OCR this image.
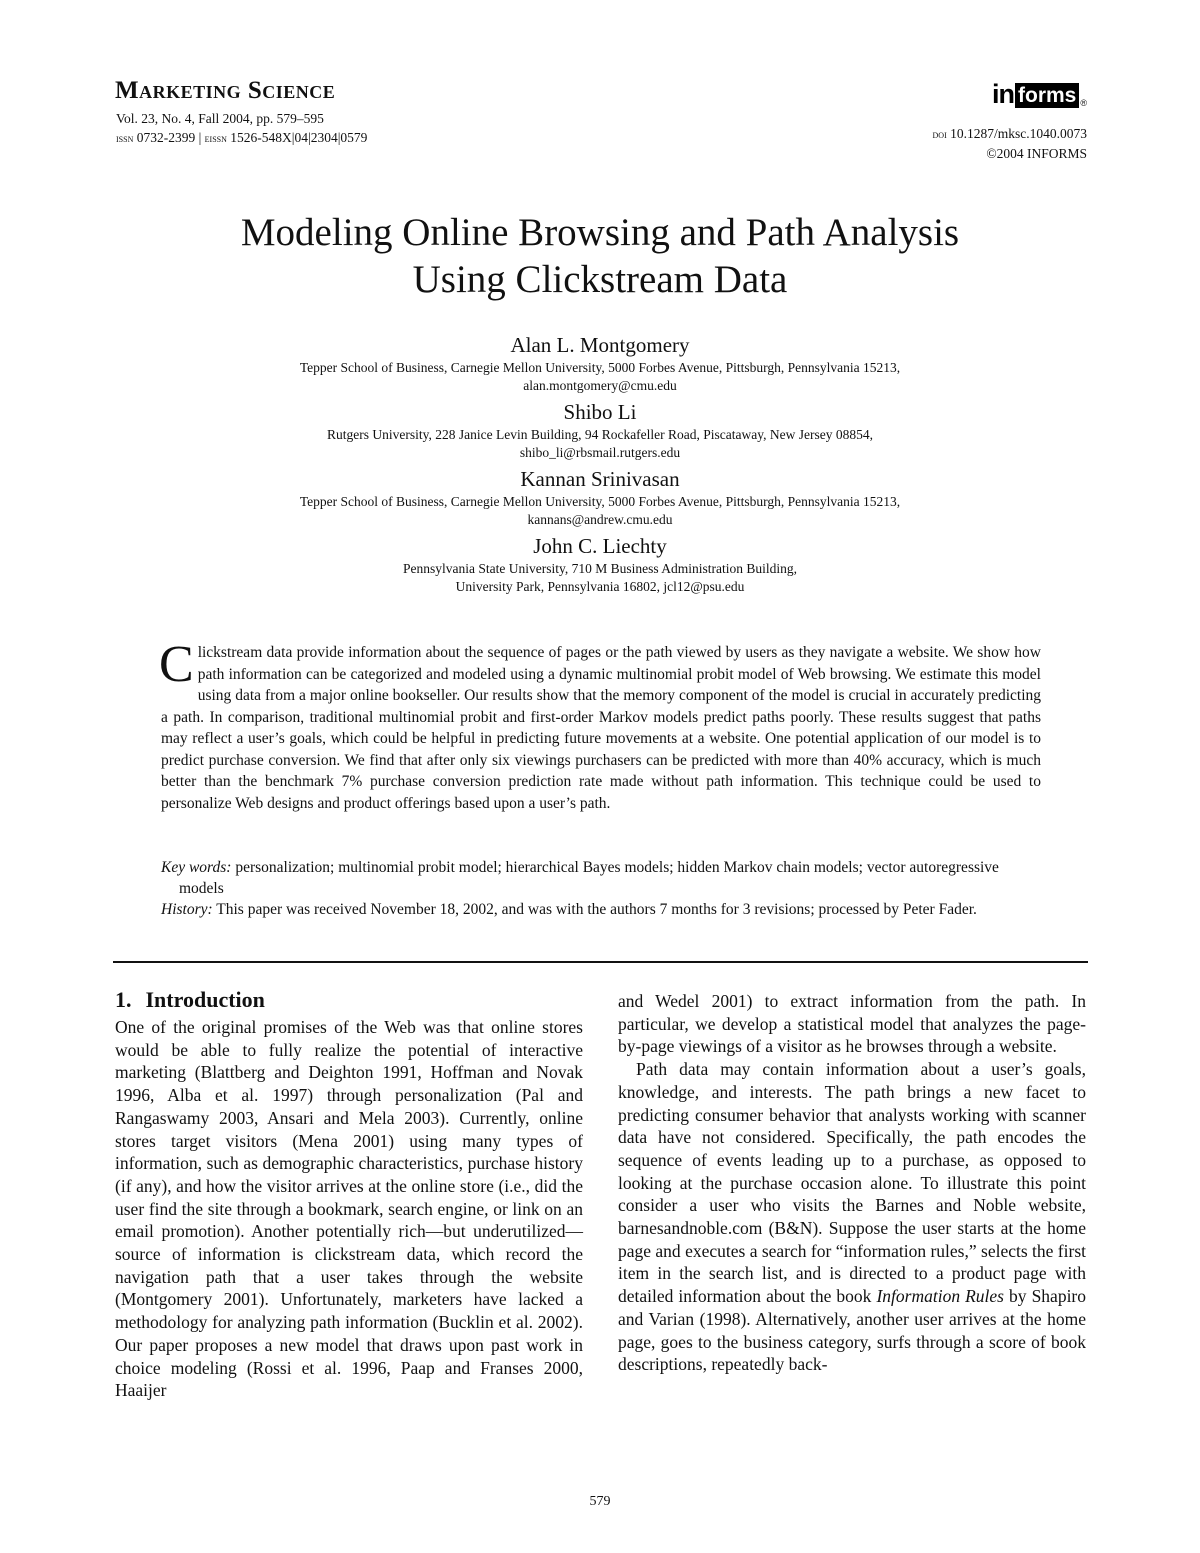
Marketing Science
Vol. 23, No. 4, Fall 2004, pp. 579–595
issn 0732-2399 | eissn 1526-548X|04|2304|0579
in forms ®
doi 10.1287/mksc.1040.0073
©2004 INFORMS
Modeling Online Browsing and Path Analysis
Using Clickstream Data
Alan L. Montgomery
Tepper School of Business, Carnegie Mellon University, 5000 Forbes Avenue, Pittsburgh, Pennsylvania 15213,
alan.montgomery@cmu.edu
Shibo Li
Rutgers University, 228 Janice Levin Building, 94 Rockafeller Road, Piscataway, New Jersey 08854,
shibo_li@rbsmail.rutgers.edu
Kannan Srinivasan
Tepper School of Business, Carnegie Mellon University, 5000 Forbes Avenue, Pittsburgh, Pennsylvania 15213,
kannans@andrew.cmu.edu
John C. Liechty
Pennsylvania State University, 710 M Business Administration Building,
University Park, Pennsylvania 16802, jcl12@psu.edu
Clickstream data provide information about the sequence of pages or the path viewed by users as they navigate a website. We show how path information can be categorized and modeled using a dynamic multinomial probit model of Web browsing. We estimate this model using data from a major online bookseller. Our results show that the memory component of the model is crucial in accurately predicting a path. In comparison, traditional multinomial probit and first-order Markov models predict paths poorly. These results suggest that paths may reflect a user’s goals, which could be helpful in predicting future movements at a website. One potential application of our model is to predict purchase conversion. We find that after only six viewings purchasers can be predicted with more than 40% accuracy, which is much better than the benchmark 7% purchase conversion prediction rate made without path information. This technique could be used to personalize Web designs and product offerings based upon a user’s path.

Key words: personalization; multinomial probit model; hierarchical Bayes models; hidden Markov chain models; vector autoregressive models

History: This paper was received November 18, 2002, and was with the authors 7 months for 3 revisions; processed by Peter Fader.

1. Introduction

One of the original promises of the Web was that online stores would be able to fully realize the potential of interactive marketing (Blattberg and Deighton 1991, Hoffman and Novak 1996, Alba et al. 1997) through personalization (Pal and Rangaswamy 2003, Ansari and Mela 2003). Currently, online stores target visitors (Mena 2001) using many types of information, such as demographic characteristics, purchase history (if any), and how the visitor arrives at the online store (i.e., did the user find the site through a bookmark, search engine, or link on an email promotion). Another potentially rich—but underutilized—source of information is clickstream data, which record the navigation path that a user takes through the website (Montgomery 2001). Unfortunately, marketers have lacked a methodology for analyzing path information (Bucklin et al. 2002). Our paper proposes a new model that draws upon past work in choice modeling (Rossi et al. 1996, Paap and Franses 2000, Haaijer

and Wedel 2001) to extract information from the path. In particular, we develop a statistical model that analyzes the page-by-page viewings of a visitor as he browses through a website.

Path data may contain information about a user’s goals, knowledge, and interests. The path brings a new facet to predicting consumer behavior that analysts working with scanner data have not considered. Specifically, the path encodes the sequence of events leading up to a purchase, as opposed to looking at the purchase occasion alone. To illustrate this point consider a user who visits the Barnes and Noble website, barnesandnoble.com (B&N). Suppose the user starts at the home page and executes a search for “information rules,” selects the first item in the search list, and is directed to a product page with detailed information about the book Information Rules by Shapiro and Varian (1998). Alternatively, another user arrives at the home page, goes to the business category, surfs through a score of book descriptions, repeatedly back-

579
